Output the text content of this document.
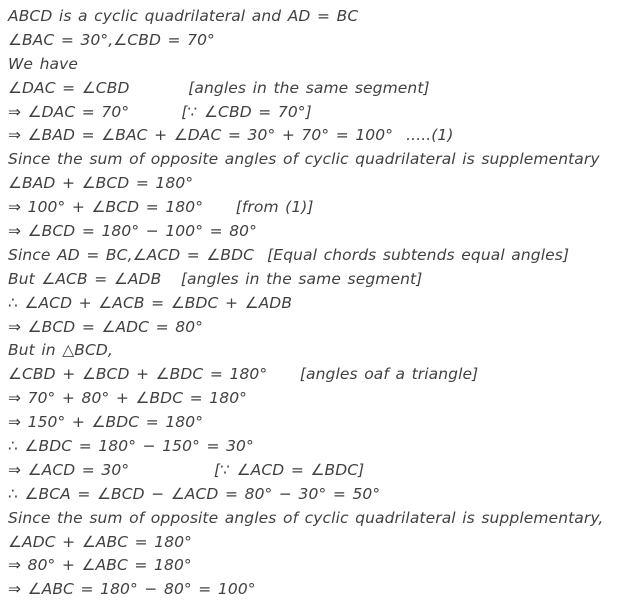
ABCD is a cyclic quadrilateral and AD = BC
∠BAC = 30°,∠CBD = 70°
We have
∠DAC = ∠CBD         [angles in the same segment]
⇒ ∠DAC = 70°        [∵ ∠CBD = 70°]
⇒ ∠BAD = ∠BAC + ∠DAC = 30° + 70° = 100°  .....(1)
Since the sum of opposite angles of cyclic quadrilateral is supplementary
∠BAD + ∠BCD = 180°
⇒ 100° + ∠BCD = 180°     [from (1)]
⇒ ∠BCD = 180° − 100° = 80°
Since AD = BC,∠ACD = ∠BDC  [Equal chords subtends equal angles]
But ∠ACB = ∠ADB   [angles in the same segment]
∴ ∠ACD + ∠ACB = ∠BDC + ∠ADB
⇒ ∠BCD = ∠ADC = 80°
But in △BCD,
∠CBD + ∠BCD + ∠BDC = 180°     [angles oaf a triangle]
⇒ 70° + 80° + ∠BDC = 180°
⇒ 150° + ∠BDC = 180°
∴ ∠BDC = 180° − 150° = 30°
⇒ ∠ACD = 30°             [∵ ∠ACD = ∠BDC]
∴ ∠BCA = ∠BCD − ∠ACD = 80° − 30° = 50°
Since the sum of opposite angles of cyclic quadrilateral is supplementary,
∠ADC + ∠ABC = 180°
⇒ 80° + ∠ABC = 180°
⇒ ∠ABC = 180° − 80° = 100°
